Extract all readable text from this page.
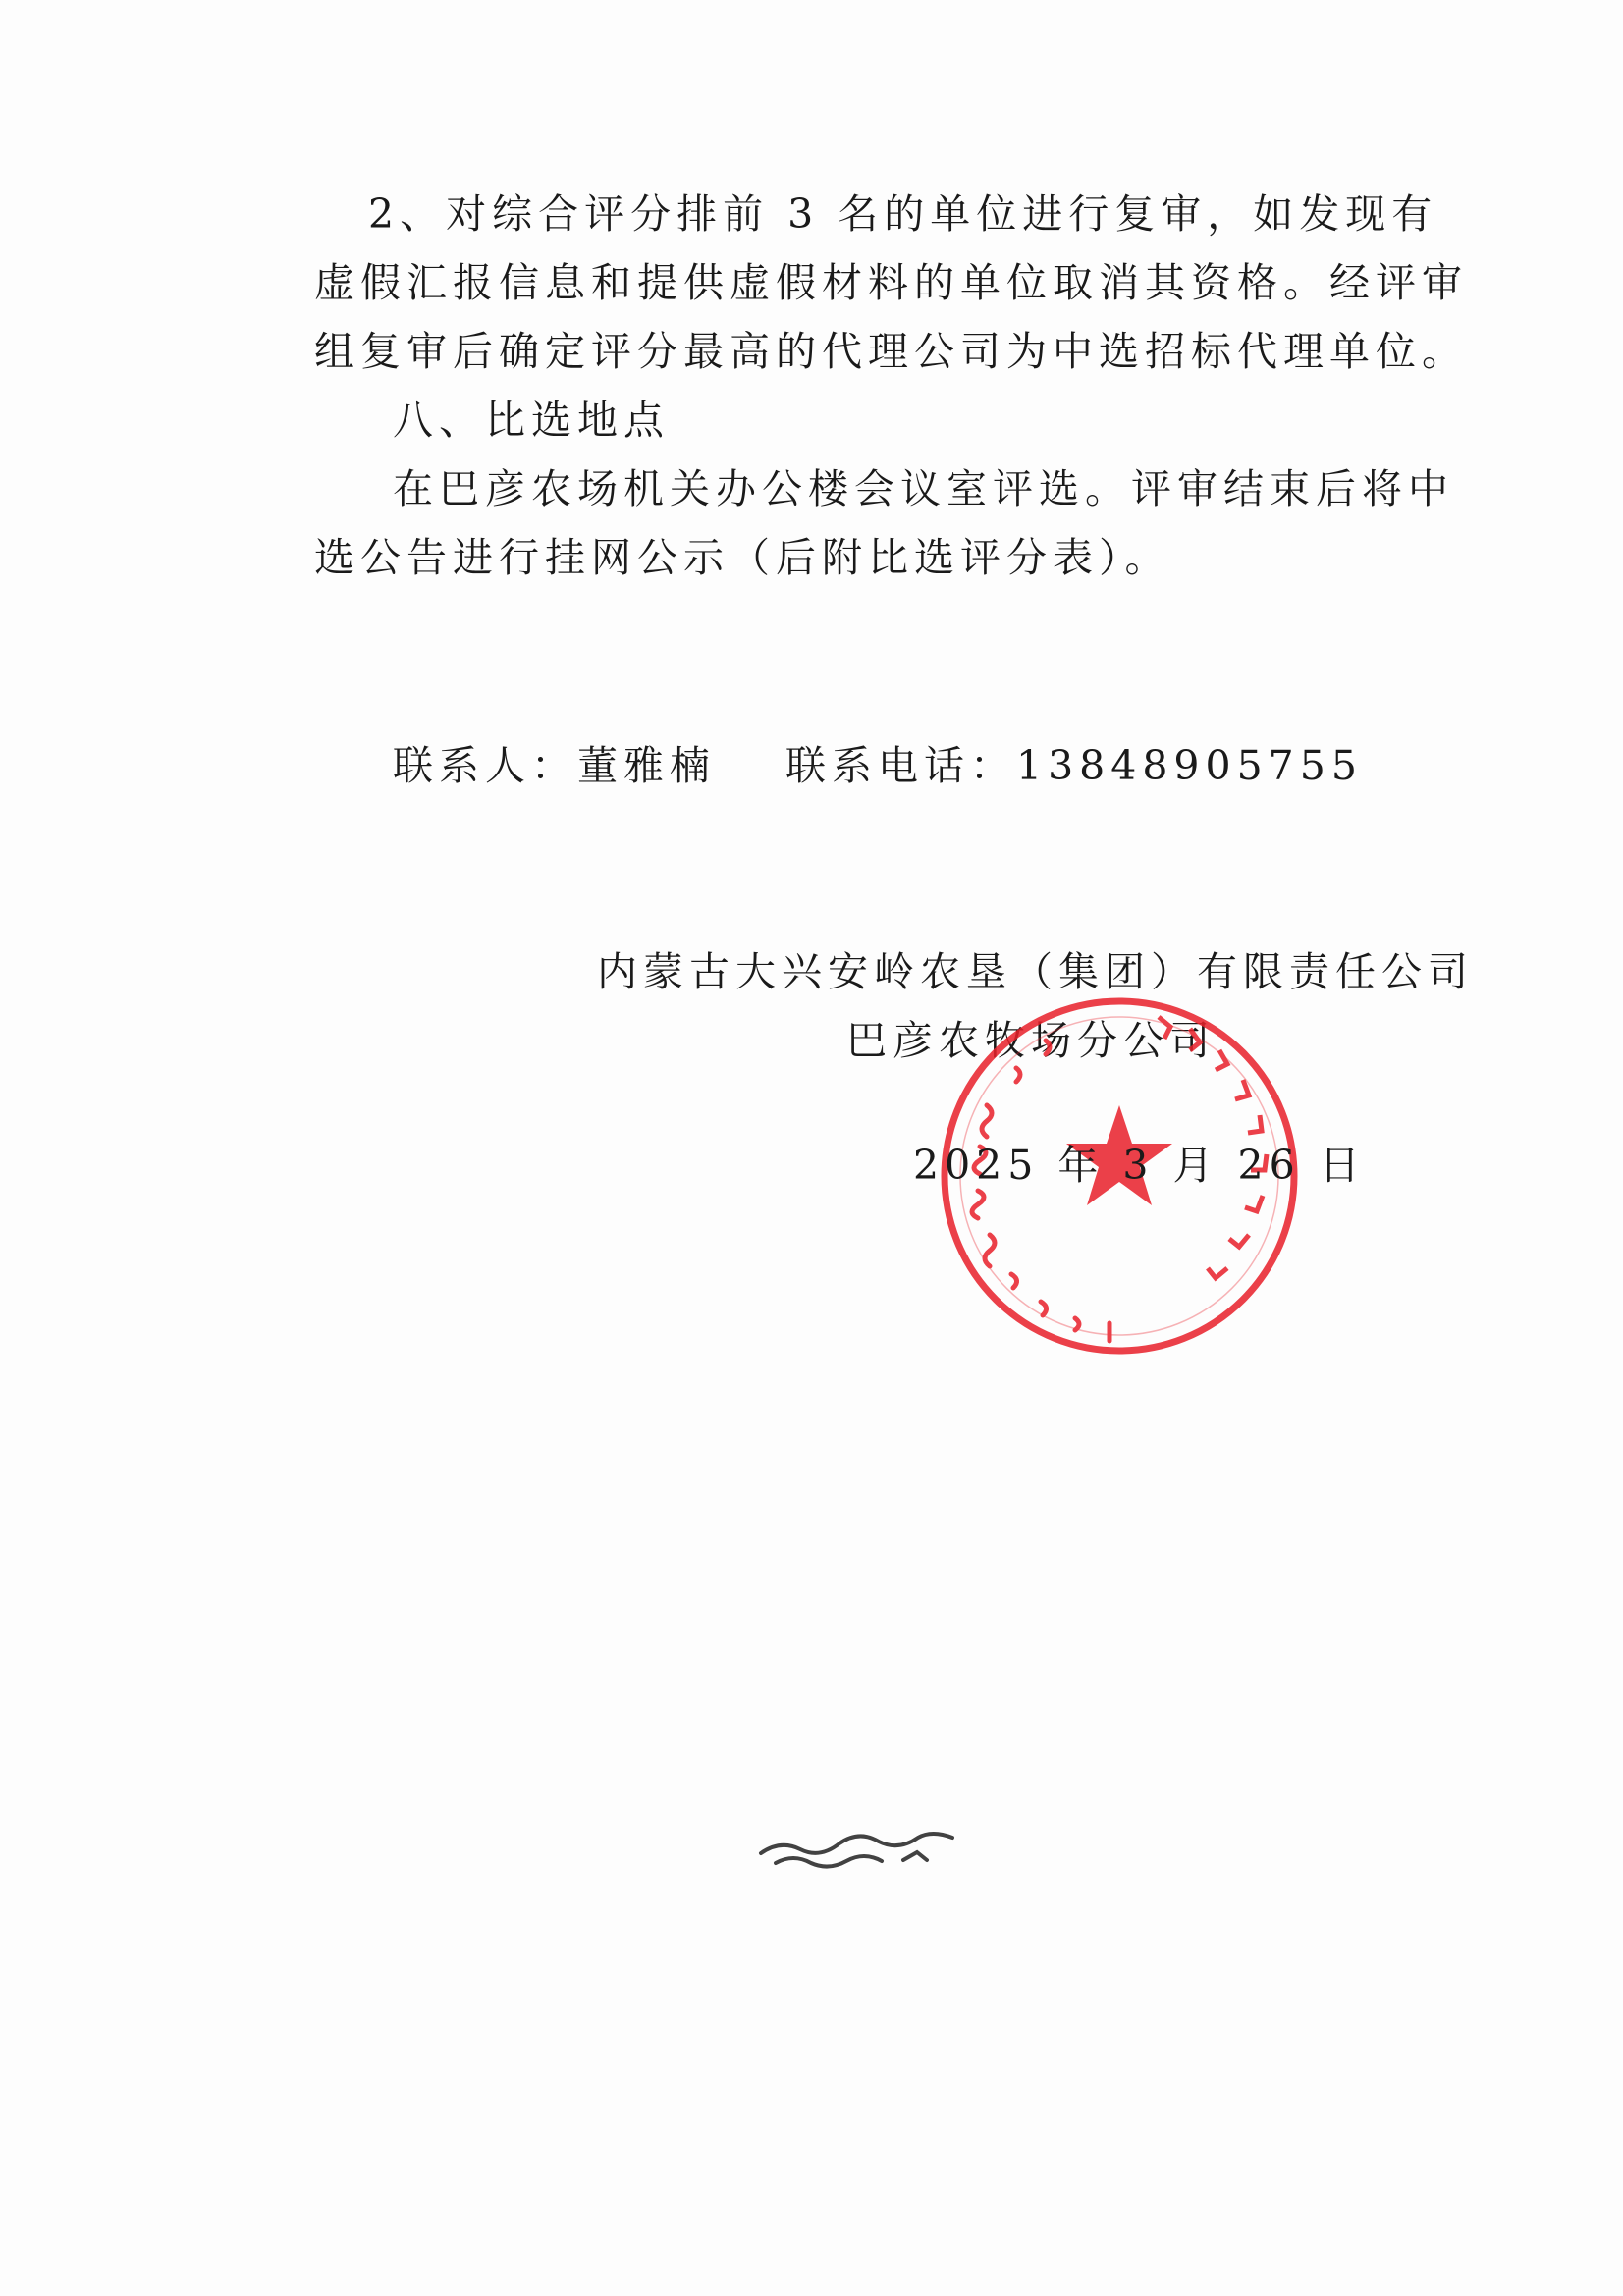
2、对综合评分排前 3 名的单位进行复审，如发现有
虚假汇报信息和提供虚假材料的单位取消其资格。经评审
组复审后确定评分最高的代理公司为中选招标代理单位。
八、比选地点
在巴彦农场机关办公楼会议室评选。评审结束后将中
选公告进行挂网公示（后附比选评分表）。
联系人：董雅楠 联系电话：13848905755
内蒙古大兴安岭农垦（集团）有限责任公司
巴彦农牧场分公司
2025 年 3 月 26 日
